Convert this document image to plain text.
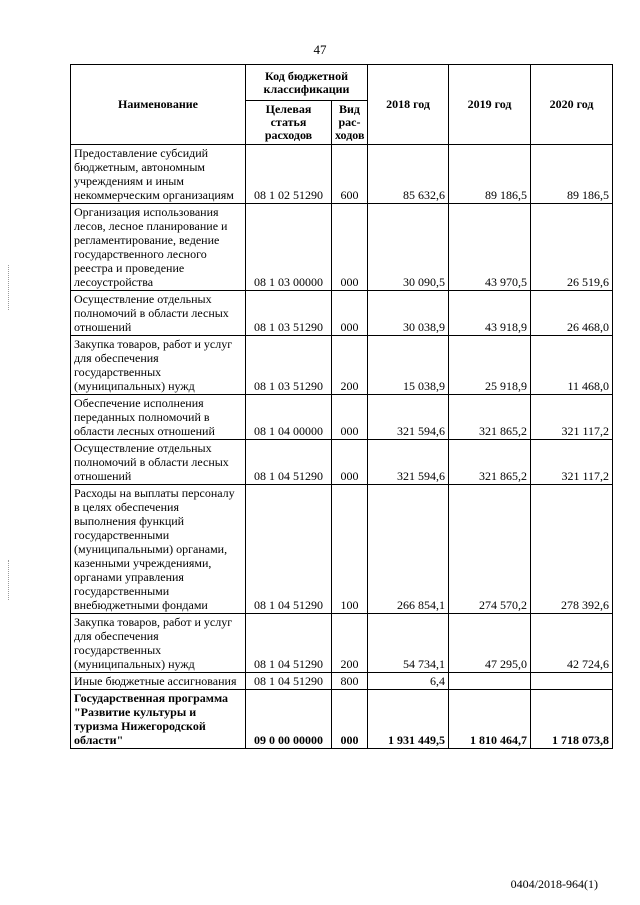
47
Наименование	Код бюджетной классификации		2018 год	2019 год	2020 год
	Целевая статья расходов	Вид рас-ходов			
Предоставление субсидий бюджетным, автономным учреждениям и иным некоммерческим организациям	08 1 02 51290	600	85 632,6	89 186,5	89 186,5
Организация использования лесов, лесное планирование и регламентирование, ведение государственного лесного реестра и проведение лесоустройства	08 1 03 00000	000	30 090,5	43 970,5	26 519,6
Осуществление отдельных полномочий в области лесных отношений	08 1 03 51290	000	30 038,9	43 918,9	26 468,0
Закупка товаров, работ и услуг для обеспечения государственных (муниципальных) нужд	08 1 03 51290	200	15 038,9	25 918,9	11 468,0
Обеспечение исполнения переданных полномочий в области лесных отношений	08 1 04 00000	000	321 594,6	321 865,2	321 117,2
Осуществление отдельных полномочий в области лесных отношений	08 1 04 51290	000	321 594,6	321 865,2	321 117,2
Расходы на выплаты персоналу в целях обеспечения выполнения функций государственными (муниципальными) органами, казенными учреждениями, органами управления государственными внебюджетными фондами	08 1 04 51290	100	266 854,1	274 570,2	278 392,6
Закупка товаров, работ и услуг для обеспечения государственных (муниципальных) нужд	08 1 04 51290	200	54 734,1	47 295,0	42 724,6
Иные бюджетные ассигнования	08 1 04 51290	800	6,4		
Государственная программа "Развитие культуры и туризма Нижегородской области"	09 0 00 00000	000	1 931 449,5	1 810 464,7	1 718 073,8
0404/2018-964(1)
